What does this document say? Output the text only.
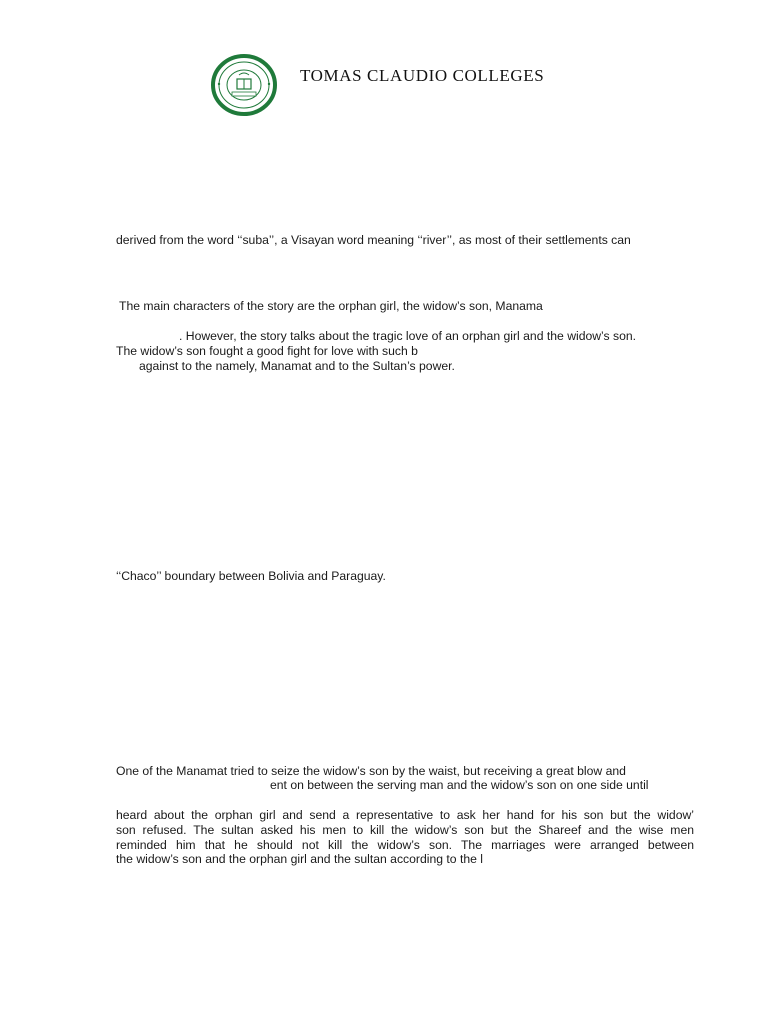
TOMAS CLAUDIO COLLEGES
derived from the word ‘‘suba’’, a Visayan word meaning ‘‘river’’, as most of their settlements can
The main characters of the story are the orphan girl, the widow’s son, Manama
. However, the story talks about the tragic love of an orphan girl and the widow’s son.
The widow’s son fought a good fight for love with such b
against to the namely, Manamat and to the Sultan’s power.
‘‘Chaco’’ boundary between Bolivia and Paraguay.
One of the Manamat tried to seize the widow’s son by the waist, but receiving a great blow and
ent on between the serving man and the widow’s son on one side until
heard about the orphan girl and send a representative to ask her hand for his son but the widow’
son refused. The sultan asked his men to kill the widow’s son but the Shareef and the wise men
reminded him that he should not kill the widow’s son. The marriages were arranged between
the widow’s son and the orphan girl and the sultan according to the l
